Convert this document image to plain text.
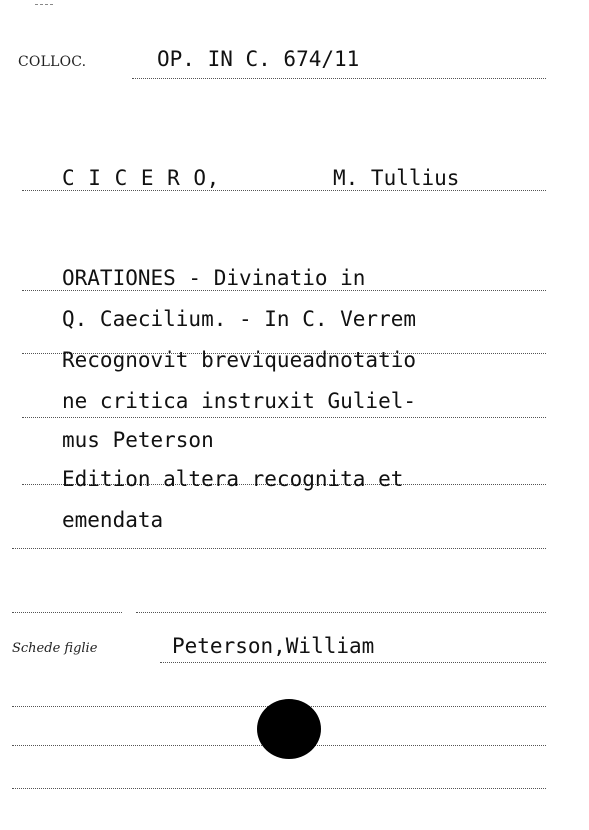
COLLOC.	OP. IN C. 674/11
C I C E R O,	M. Tullius
ORATIONES - Divinatio in
Q. Caecilium. - In C. Verrem
Recognovit breviqueadnotatio
ne critica instruxit Guliel-
mus Peterson
Edition altera recognita et
emendata
Schede figlie	Peterson,William
